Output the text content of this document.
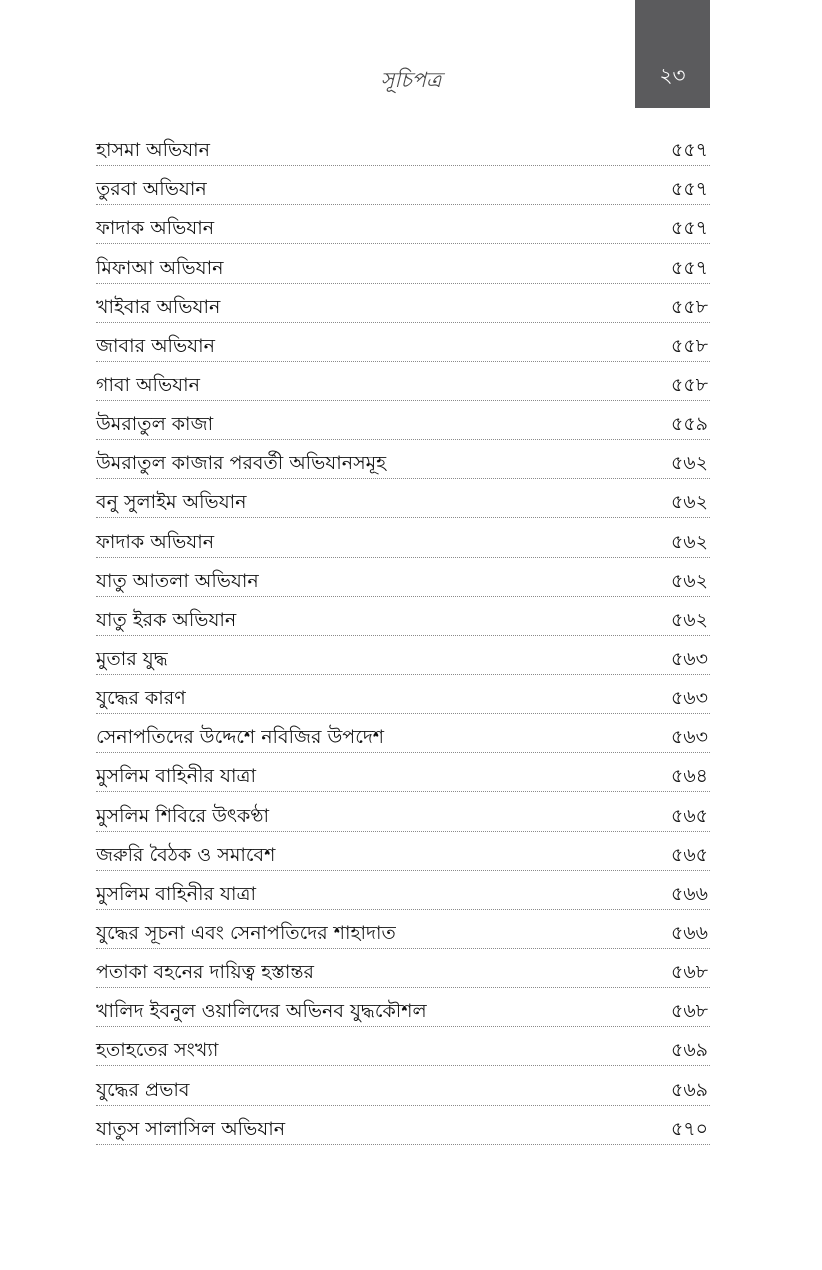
সূচিপত্র	২৩
হাসমা অভিযান	৫৫৭
তুরবা অভিযান	৫৫৭
ফাদাক অভিযান	৫৫৭
মিফাআ অভিযান	৫৫৭
খাইবার অভিযান	৫৫৮
জাবার অভিযান	৫৫৮
গাবা অভিযান	৫৫৮
উমরাতুল কাজা	৫৫৯
উমরাতুল কাজার পরবর্তী অভিযানসমূহ	৫৬২
বনু সুলাইম অভিযান	৫৬২
ফাদাক অভিযান	৫৬২
যাতু আতলা অভিযান	৫৬২
যাতু ইরক অভিযান	৫৬২
মুতার যুদ্ধ	৫৬৩
যুদ্ধের কারণ	৫৬৩
সেনাপতিদের উদ্দেশে নবিজির উপদেশ	৫৬৩
মুসলিম বাহিনীর যাত্রা	৫৬৪
মুসলিম শিবিরে উৎকণ্ঠা	৫৬৫
জরুরি বৈঠক ও সমাবেশ	৫৬৫
মুসলিম বাহিনীর যাত্রা	৫৬৬
যুদ্ধের সূচনা এবং সেনাপতিদের শাহাদাত	৫৬৬
পতাকা বহনের দায়িত্ব হস্তান্তর	৫৬৮
খালিদ ইবনুল ওয়ালিদের অভিনব যুদ্ধকৌশল	৫৬৮
হতাহতের সংখ্যা	৫৬৯
যুদ্ধের প্রভাব	৫৬৯
যাতুস সালাসিল অভিযান	৫৭০
